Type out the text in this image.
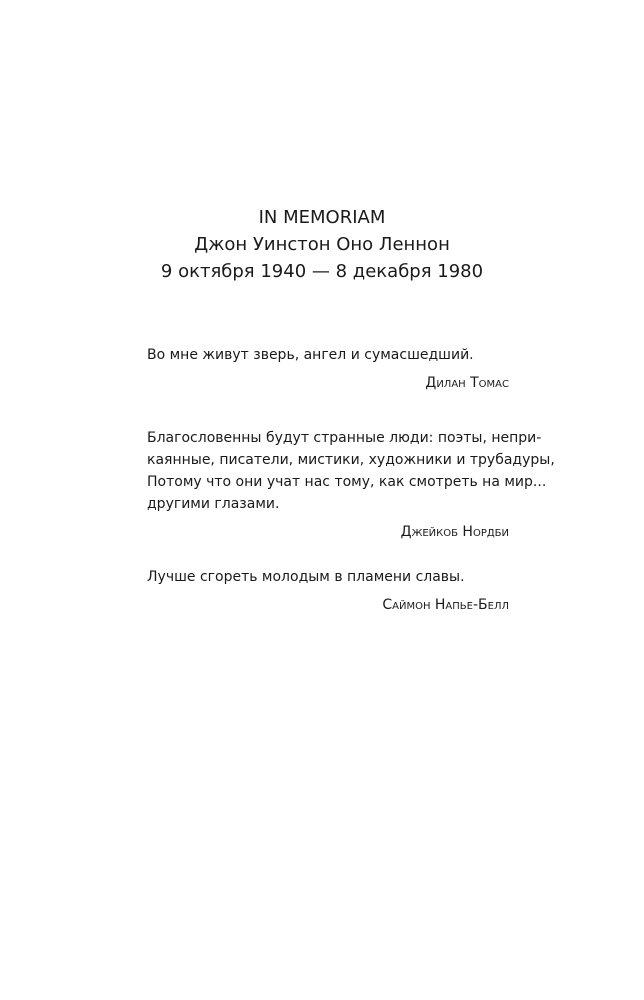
IN MEMORIAM
Джон Уинстон Оно Леннон
9 октября 1940 — 8 декабря 1980

Во мне живут зверь, ангел и сумасшедший.

Дилан Томас

Благословенны будут странные люди: поэты, непри-
каянные, писатели, мистики, художники и трубадуры,
Потому что они учат нас тому, как смотреть на мир...
другими глазами.

Джейкоб Нордби

Лучше сгореть молодым в пламени славы.

Саймон Напье-Белл
